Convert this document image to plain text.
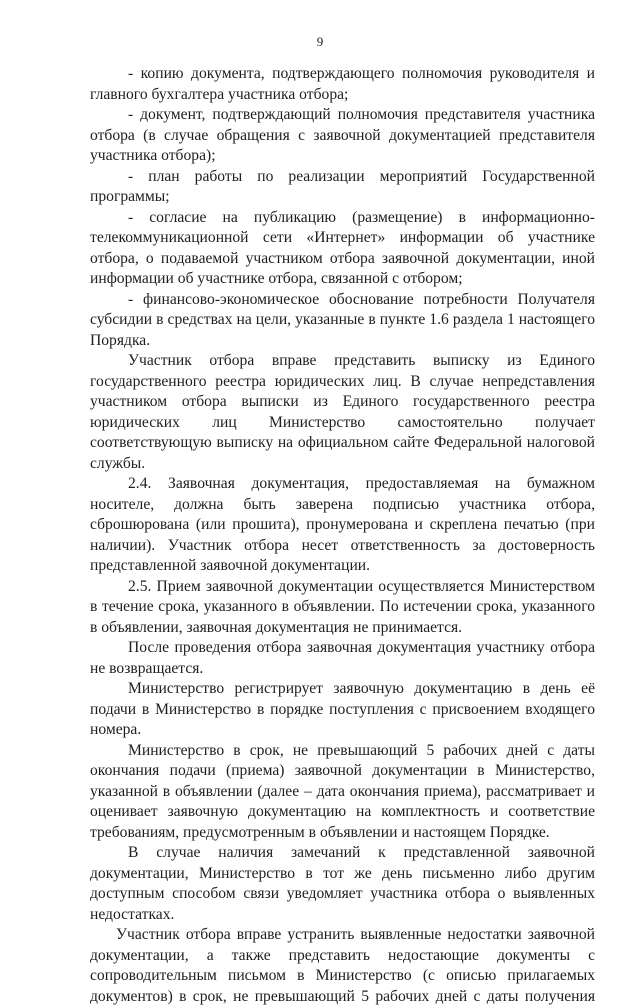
9

- копию документа, подтверждающего полномочия руководителя и главного бухгалтера участника отбора;

- документ, подтверждающий полномочия представителя участника отбора (в случае обращения с заявочной документацией представителя участника отбора);

- план работы по реализации мероприятий Государственной программы;

- согласие на публикацию (размещение) в информационно-телекоммуникационной сети «Интернет» информации об участнике отбора, о подаваемой участником отбора заявочной документации, иной информации об участнике отбора, связанной с отбором;

- финансово-экономическое обоснование потребности Получателя субсидии в средствах на цели, указанные в пункте 1.6 раздела 1 настоящего Порядка.

Участник отбора вправе представить выписку из Единого государственного реестра юридических лиц. В случае непредставления участником отбора выписки из Единого государственного реестра юридических лиц Министерство самостоятельно получает соответствующую выписку на официальном сайте Федеральной налоговой службы.

2.4. Заявочная документация, предоставляемая на бумажном носителе, должна быть заверена подписью участника отбора, сброшюрована (или прошита), пронумерована и скреплена печатью (при наличии). Участник отбора несет ответственность за достоверность представленной заявочной документации.

2.5. Прием заявочной документации осуществляется Министерством в течение срока, указанного в объявлении. По истечении срока, указанного в объявлении, заявочная документация не принимается.

После проведения отбора заявочная документация участнику отбора не возвращается.

Министерство регистрирует заявочную документацию в день её подачи в Министерство в порядке поступления с присвоением входящего номера.

Министерство в срок, не превышающий 5 рабочих дней с даты окончания подачи (приема) заявочной документации в Министерство, указанной в объявлении (далее – дата окончания приема), рассматривает и оценивает заявочную документацию на комплектность и соответствие требованиям, предусмотренным в объявлении и настоящем Порядке.

В случае наличия замечаний к представленной заявочной документации, Министерство в тот же день письменно либо другим доступным способом связи уведомляет участника отбора о выявленных недостатках.

Участник отбора вправе устранить выявленные недостатки заявочной документации, а также представить недостающие документы с сопроводительным письмом в Министерство (с описью прилагаемых документов) в срок, не превышающий 5 рабочих дней с даты получения
